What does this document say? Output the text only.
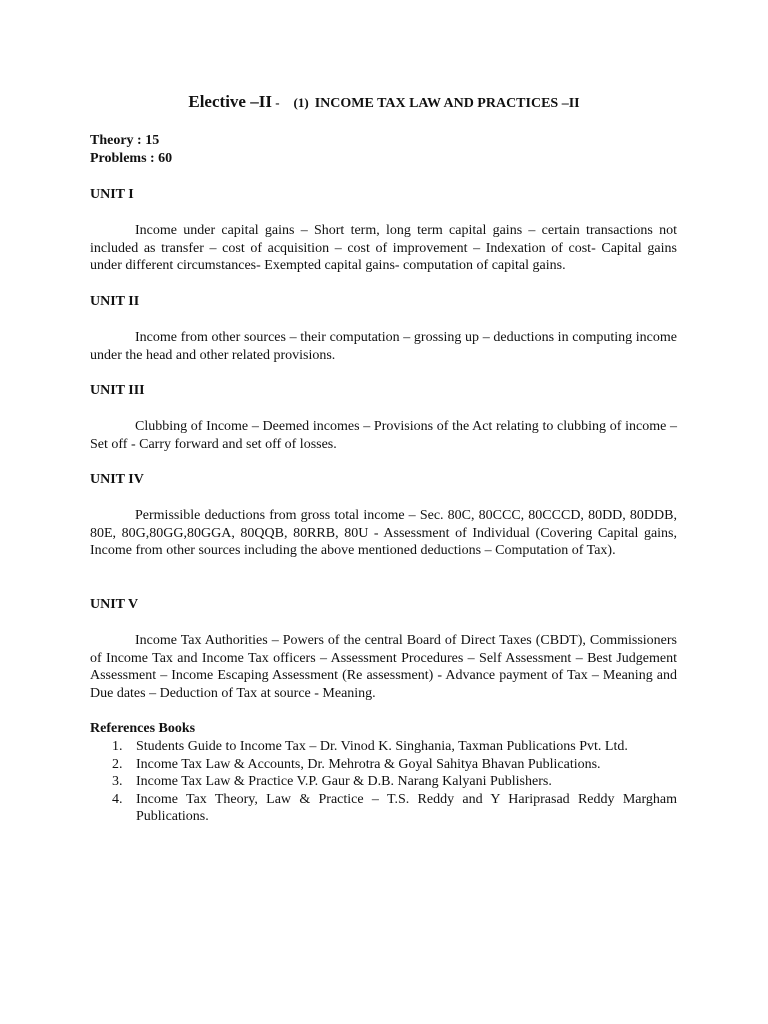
Elective –II - (1) INCOME TAX LAW AND PRACTICES –II
Theory : 15
Problems : 60
UNIT I
Income under capital gains – Short term, long term capital gains – certain transactions not included as transfer – cost of acquisition – cost of improvement – Indexation of cost- Capital gains under different circumstances- Exempted capital gains- computation of capital gains.
UNIT II
Income from other sources – their computation – grossing up – deductions in computing income under the head and other related provisions.
UNIT III
Clubbing of Income – Deemed incomes – Provisions of the Act relating to clubbing of income – Set off - Carry forward and set off of losses.
UNIT IV
Permissible deductions from gross total income – Sec. 80C, 80CCC, 80CCCD, 80DD, 80DDB, 80E, 80G,80GG,80GGA, 80QQB, 80RRB, 80U - Assessment of Individual (Covering Capital gains, Income from other sources including the above mentioned deductions – Computation of Tax).
UNIT V
Income Tax Authorities – Powers of the central Board of Direct Taxes (CBDT), Commissioners of Income Tax and Income Tax officers – Assessment Procedures – Self Assessment – Best Judgement Assessment – Income Escaping Assessment (Re assessment) - Advance payment of Tax – Meaning and Due dates – Deduction of Tax at source - Meaning.
References Books
1. Students Guide to Income Tax – Dr. Vinod K. Singhania, Taxman Publications Pvt. Ltd.
2. Income Tax Law & Accounts, Dr. Mehrotra & Goyal Sahitya Bhavan Publications.
3. Income Tax Law & Practice V.P. Gaur & D.B. Narang Kalyani Publishers.
4. Income Tax Theory, Law & Practice – T.S. Reddy and Y Hariprasad Reddy Margham Publications.
